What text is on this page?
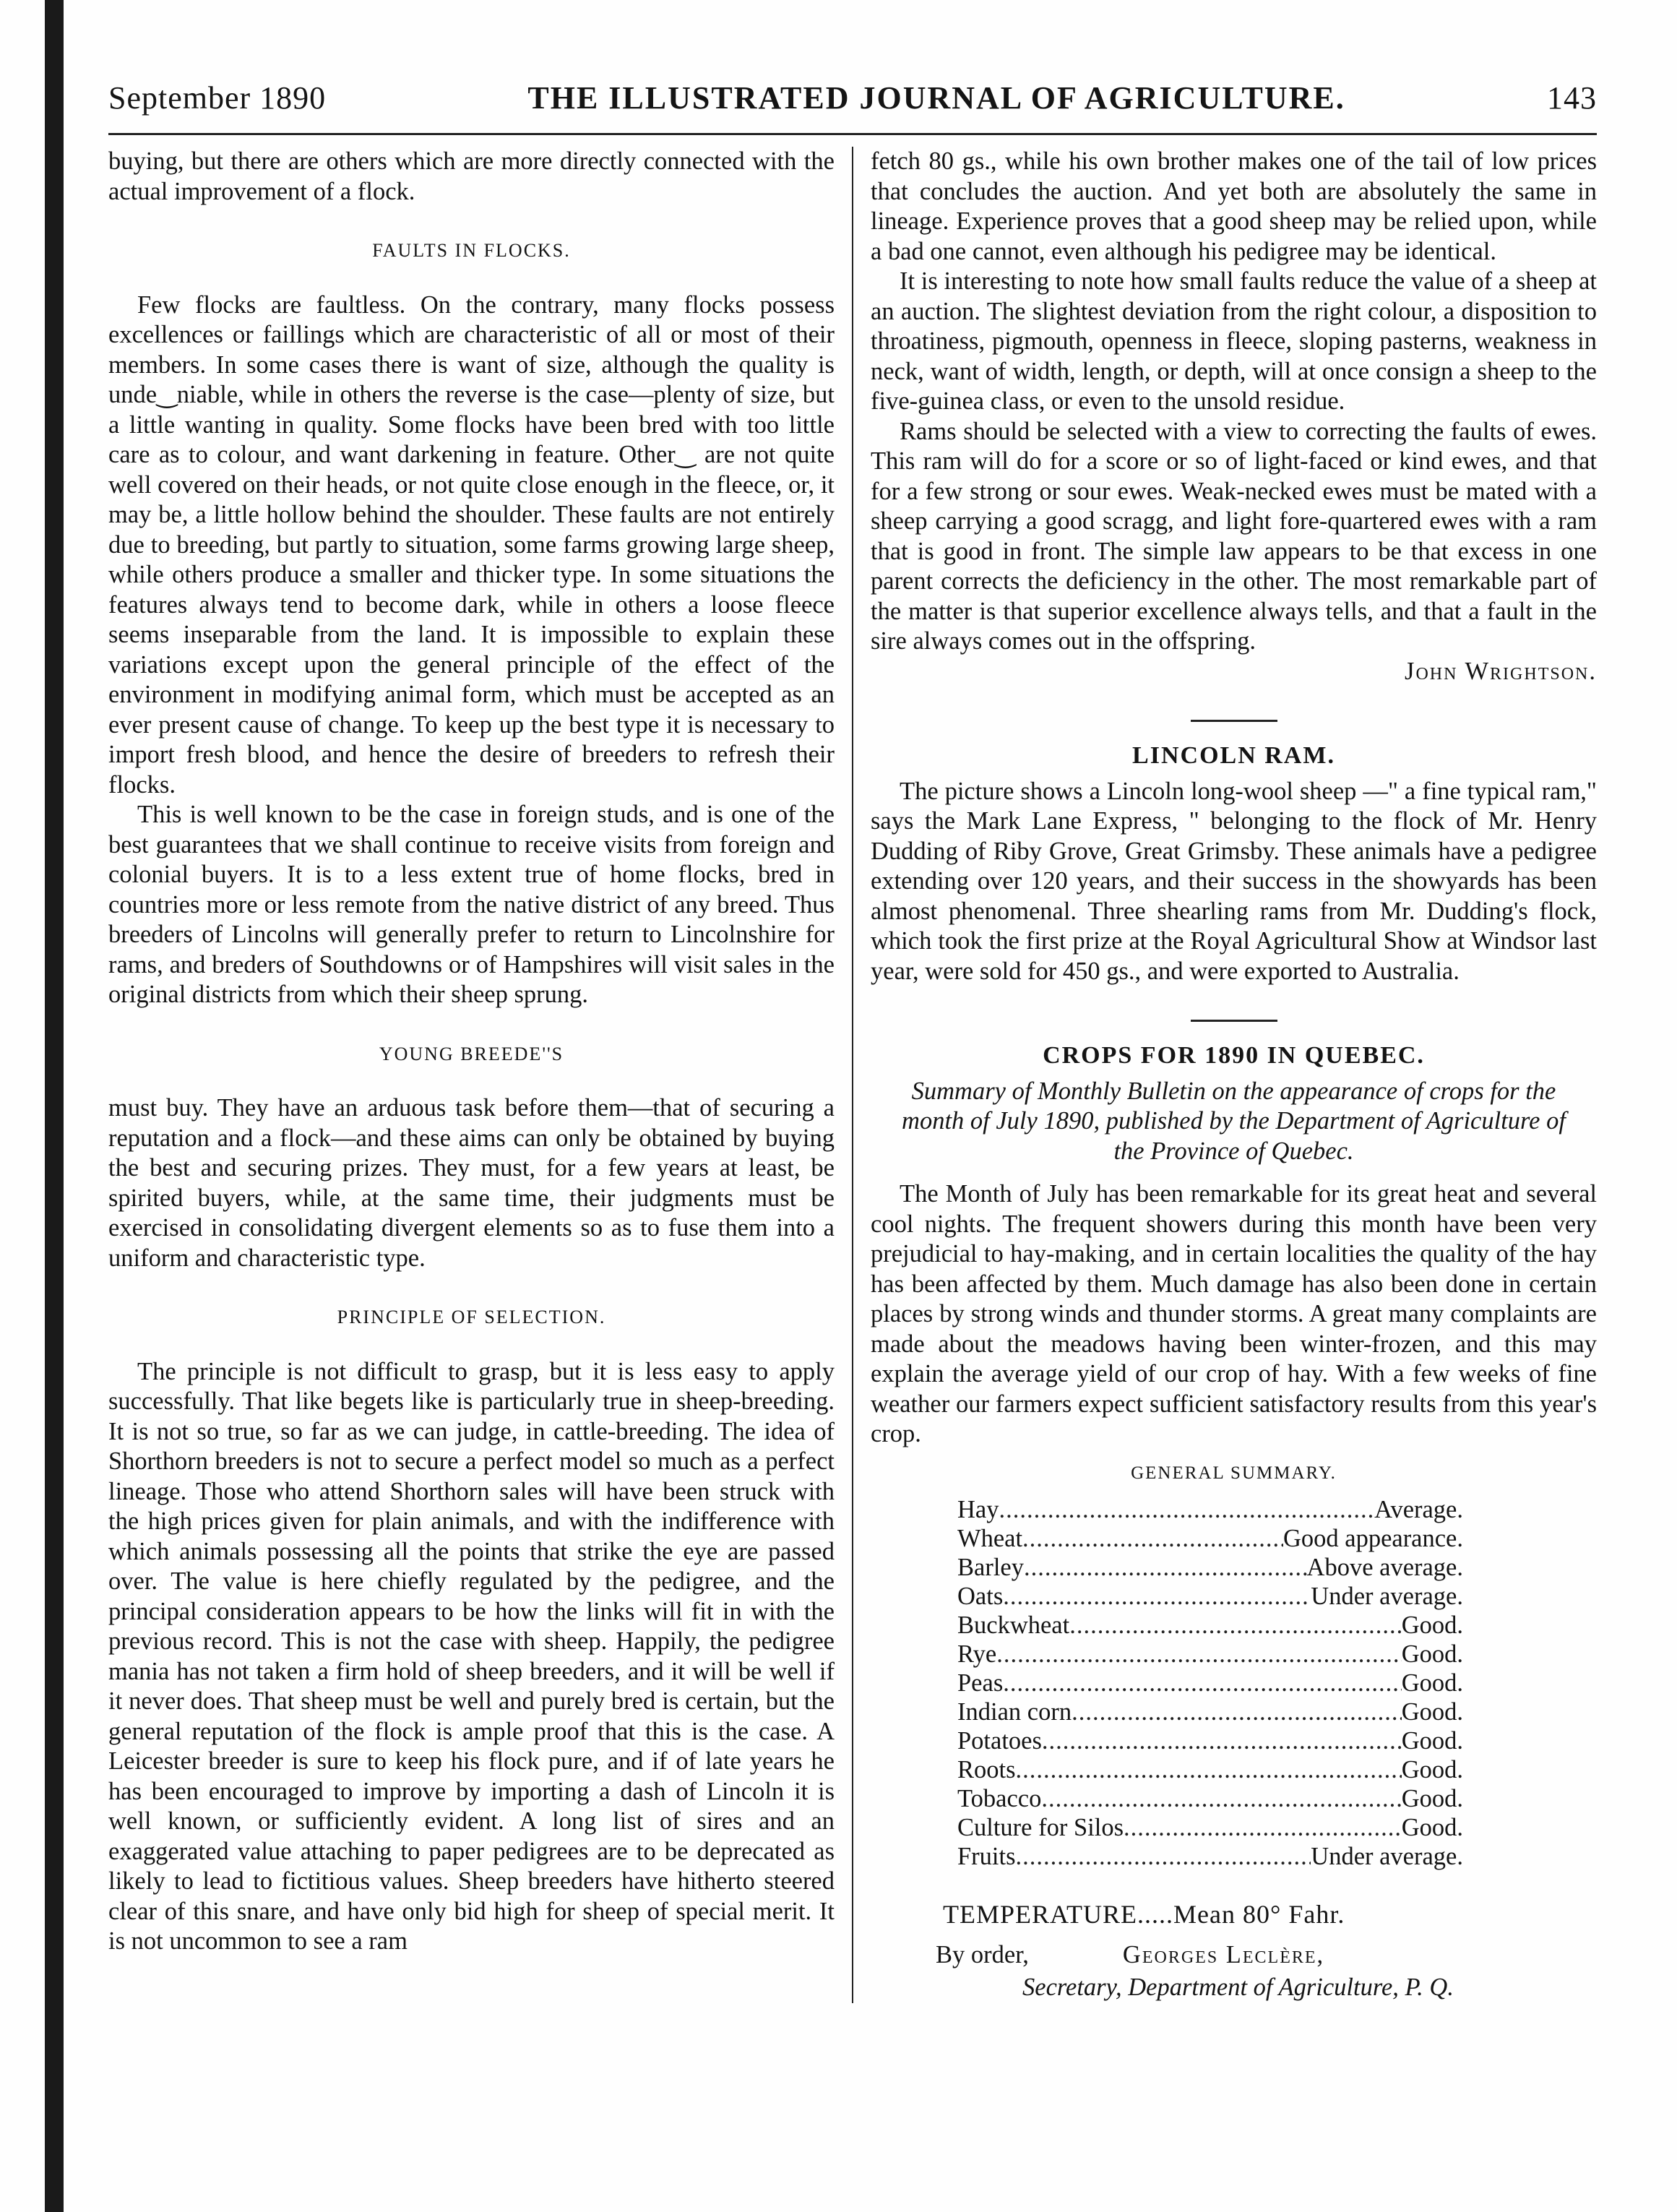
September 1890	THE ILLUSTRATED JOURNAL OF AGRICULTURE.	143

buying, but there are others which are more directly connected with the actual improvement of a flock.

FAULTS IN FLOCKS.

Few flocks are faultless. On the contrary, many flocks possess excellences or faillings which are characteristic of all or most of their members. In some cases there is want of size, although the quality is unde‿niable, while in others the reverse is the case—plenty of size, but a little wanting in quality. Some flocks have been bred with too little care as to colour, and want darkening in feature. Other‿ are not quite well covered on their heads, or not quite close enough in the fleece, or, it may be, a little hollow behind the shoulder. These faults are not entirely due to breeding, but partly to situation, some farms growing large sheep, while others produce a smaller and thicker type. In some situations the features always tend to become dark, while in others a loose fleece seems inseparable from the land. It is impossible to explain these variations except upon the general principle of the effect of the environment in modifying animal form, which must be accepted as an ever present cause of change. To keep up the best type it is necessary to import fresh blood, and hence the desire of breeders to refresh their flocks.

This is well known to be the case in foreign studs, and is one of the best guarantees that we shall continue to receive visits from foreign and colonial buyers. It is to a less extent true of home flocks, bred in countries more or less remote from the native district of any breed. Thus breeders of Lincolns will generally prefer to return to Lincolnshire for rams, and breders of Southdowns or of Hampshires will visit sales in the original districts from which their sheep sprung.

YOUNG BREEDE''S

must buy. They have an arduous task before them—that of securing a reputation and a flock—and these aims can only be obtained by buying the best and securing prizes. They must, for a few years at least, be spirited buyers, while, at the same time, their judgments must be exercised in consolidating divergent elements so as to fuse them into a uniform and characteristic type.

PRINCIPLE OF SELECTION.

The principle is not difficult to grasp, but it is less easy to apply successfully. That like begets like is particularly true in sheep-breeding. It is not so true, so far as we can judge, in cattle-breeding. The idea of Shorthorn breeders is not to secure a perfect model so much as a perfect lineage. Those who attend Shorthorn sales will have been struck with the high prices given for plain animals, and with the indifference with which animals possessing all the points that strike the eye are passed over. The value is here chiefly regulated by the pedigree, and the principal consideration appears to be how the links will fit in with the previous record. This is not the case with sheep. Happily, the pedigree mania has not taken a firm hold of sheep breeders, and it will be well if it never does. That sheep must be well and purely bred is certain, but the general reputation of the flock is ample proof that this is the case. A Leicester breeder is sure to keep his flock pure, and if of late years he has been encouraged to improve by importing a dash of Lincoln it is well known, or sufficiently evident. A long list of sires and an exaggerated value attaching to paper pedigrees are to be deprecated as likely to lead to fictitious values. Sheep breeders have hitherto steered clear of this snare, and have only bid high for sheep of special merit. It is not uncommon to see a ram

fetch 80 gs., while his own brother makes one of the tail of low prices that concludes the auction. And yet both are absolutely the same in lineage. Experience proves that a good sheep may be relied upon, while a bad one cannot, even although his pedigree may be identical.

It is interesting to note how small faults reduce the value of a sheep at an auction. The slightest deviation from the right colour, a disposition to throatiness, pigmouth, openness in fleece, sloping pasterns, weakness in neck, want of width, length, or depth, will at once consign a sheep to the five-guinea class, or even to the unsold residue.

Rams should be selected with a view to correcting the faults of ewes. This ram will do for a score or so of light-faced or kind ewes, and that for a few strong or sour ewes. Weak-necked ewes must be mated with a sheep carrying a good scragg, and light fore-quartered ewes with a ram that is good in front. The simple law appears to be that excess in one parent corrects the deficiency in the other. The most remarkable part of the matter is that superior excellence always tells, and that a fault in the sire always comes out in the offspring.

John Wrightson.
LINCOLN RAM.

The picture shows a Lincoln long-wool sheep —" a fine typical ram," says the Mark Lane Express, " belonging to the flock of Mr. Henry Dudding of Riby Grove, Great Grimsby. These animals have a pedigree extending over 120 years, and their success in the showyards has been almost phenomenal. Three shearling rams from Mr. Dudding's flock, which took the first prize at the Royal Agricultural Show at Windsor last year, were sold for 450 gs., and were exported to Australia.

CROPS FOR 1890 IN QUEBEC.
Summary of Monthly Bulletin on the appearance of crops for the month of July 1890, published by the Department of Agriculture of the Province of Quebec.

The Month of July has been remarkable for its great heat and several cool nights. The frequent showers during this month have been very prejudicial to hay-making, and in certain localities the quality of the hay has been affected by them. Much damage has also been done in certain places by strong winds and thunder storms. A great many complaints are made about the meadows having been winter-frozen, and this may explain the average yield of our crop of hay. With a few weeks of fine weather our farmers expect sufficient satisfactory results from this year's crop.

GENERAL SUMMARY.
Hay .....	Average.
Wheat .....	Good appearance.
Barley .....	Above average.
Oats .....	Under average.
Buckwheat .....	Good.
Rye .....	Good.
Peas .....	Good.
Indian corn .....	Good.
Potatoes .....	Good.
Roots .....	Good.
Tobacco .....	Good.
Culture for Silos .....	Good.
Fruits .....	Under average.
TEMPERATURE.....Mean 80° Fahr.
By order,	Georges Leclère,
Secretary, Department of Agriculture, P. Q.
